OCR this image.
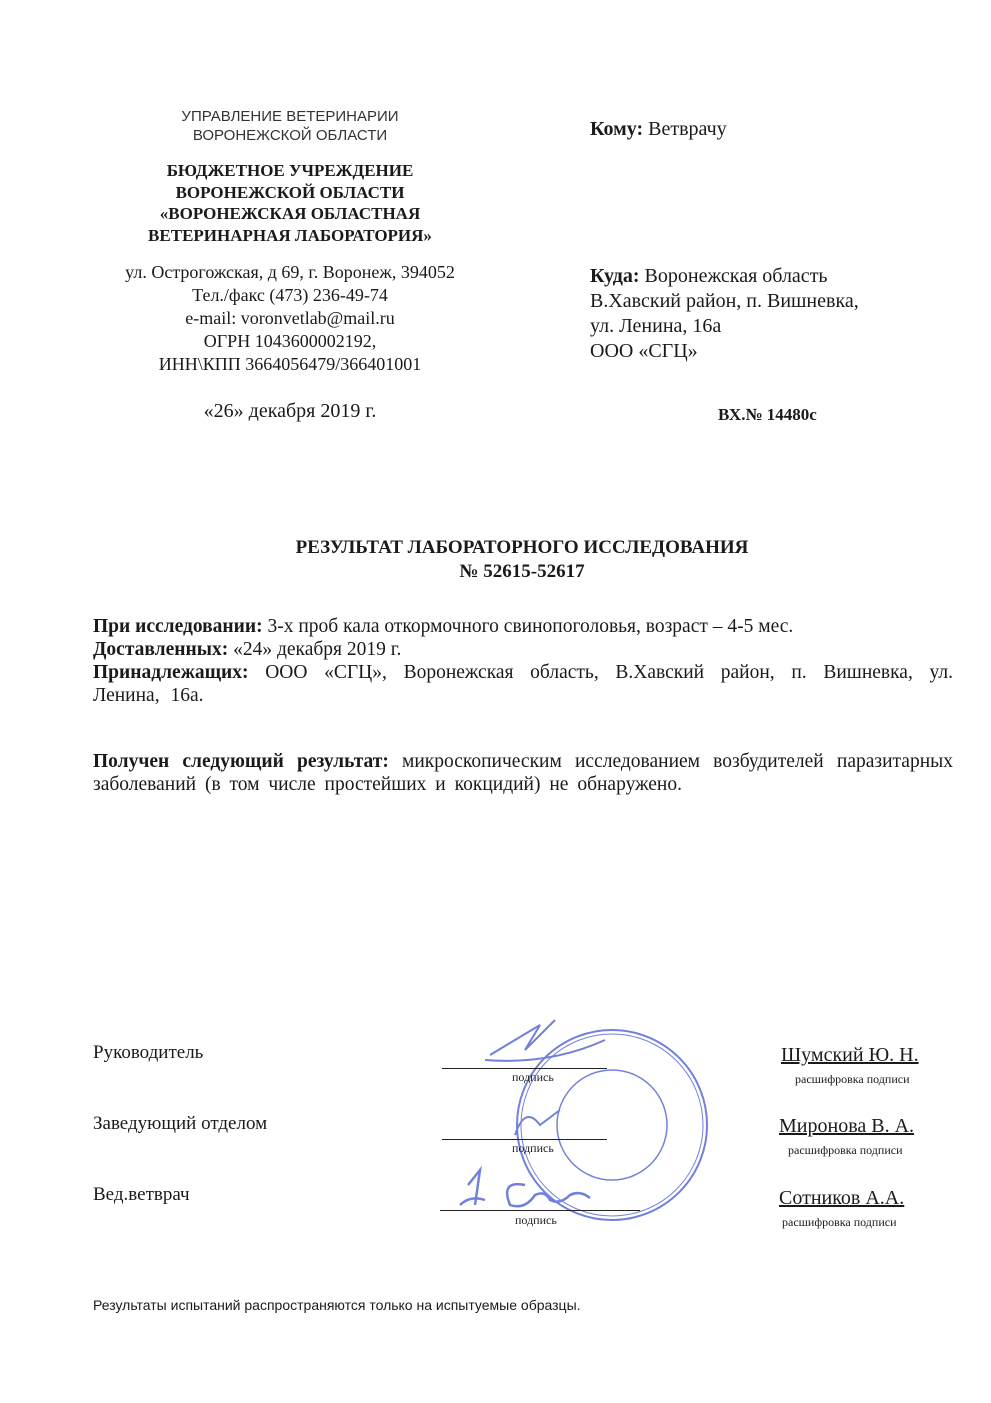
УПРАВЛЕНИЕ ВЕТЕРИНАРИИ
ВОРОНЕЖСКОЙ ОБЛАСТИ
БЮДЖЕТНОЕ УЧРЕЖДЕНИЕ
ВОРОНЕЖСКОЙ ОБЛАСТИ
«ВОРОНЕЖСКАЯ ОБЛАСТНАЯ
ВЕТЕРИНАРНАЯ ЛАБОРАТОРИЯ»
ул. Острогожская, д 69, г. Воронеж, 394052
Тел./факс (473) 236-49-74
e-mail: voronvetlab@mail.ru
ОГРН 1043600002192,
ИНН\КПП 3664056479/366401001
«26» декабря 2019 г.
Кому: Ветврачу
Куда: Воронежская область
В.Хавский район, п. Вишневка,
ул. Ленина, 16а
ООО «СГЦ»
ВХ.№ 14480с
РЕЗУЛЬТАТ ЛАБОРАТОРНОГО ИССЛЕДОВАНИЯ
№ 52615-52617
При исследовании: 3-х проб кала откормочного свинопоголовья, возраст – 4-5 мес.
Доставленных: «24» декабря 2019 г.
Принадлежащих: ООО «СГЦ», Воронежская область, В.Хавский район, п. Вишневка, ул. Ленина, 16а.
Получен следующий результат: микроскопическим исследованием возбудителей паразитарных заболеваний (в том числе простейших и кокцидий) не обнаружено.
Руководитель
подпись
Шумский Ю. Н.
расшифровка подписи
Заведующий отделом
подпись
Миронова В. А.
расшифровка подписи
Вед.ветврач
подпись
Сотников А.А.
расшифровка подписи
Результаты испытаний распространяются только на испытуемые образцы.
